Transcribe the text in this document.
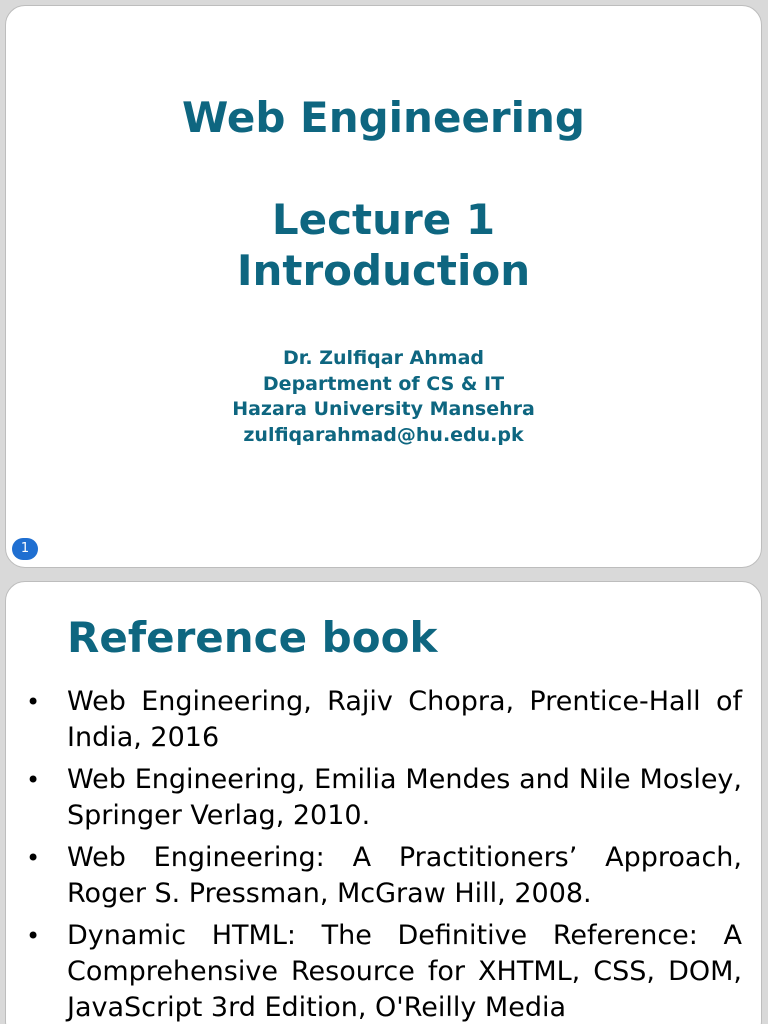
Web Engineering
Lecture 1
Introduction
Dr. Zulfiqar Ahmad
Department of CS & IT
Hazara University Mansehra
zulfiqarahmad@hu.edu.pk
1
Reference book
• Web Engineering, Rajiv Chopra, Prentice-Hall of India, 2016
• Web Engineering, Emilia Mendes and Nile Mosley, Springer Verlag, 2010.
• Web Engineering: A Practitioners’ Approach, Roger S. Pressman, McGraw Hill, 2008.
• Dynamic HTML: The Definitive Reference: A Comprehensive Resource for XHTML, CSS, DOM, JavaScript 3rd Edition, O'Reilly Media
